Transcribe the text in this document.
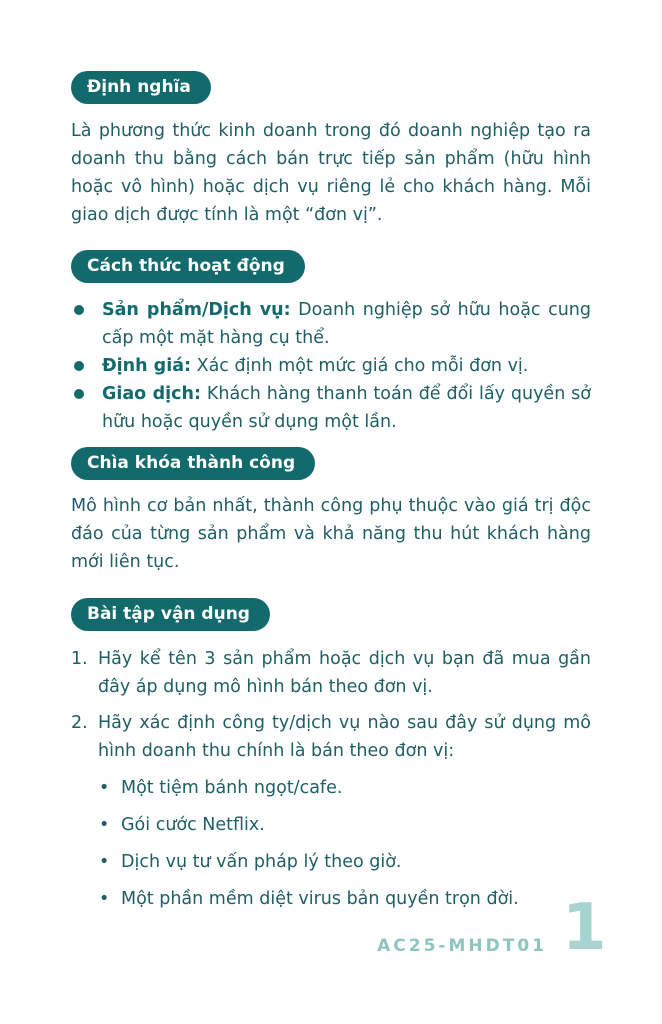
Định nghĩa

Là phương thức kinh doanh trong đó doanh nghiệp tạo ra doanh thu bằng cách bán trực tiếp sản phẩm (hữu hình hoặc vô hình) hoặc dịch vụ riêng lẻ cho khách hàng. Mỗi giao dịch được tính là một “đơn vị”.

Cách thức hoạt động
Sản phẩm/Dịch vụ: Doanh nghiệp sở hữu hoặc cung cấp một mặt hàng cụ thể.
Định giá: Xác định một mức giá cho mỗi đơn vị.
Giao dịch: Khách hàng thanh toán để đổi lấy quyền sở hữu hoặc quyền sử dụng một lần.
Chìa khóa thành công

Mô hình cơ bản nhất, thành công phụ thuộc vào giá trị độc đáo của từng sản phẩm và khả năng thu hút khách hàng mới liên tục.

Bài tập vận dụng
1. Hãy kể tên 3 sản phẩm hoặc dịch vụ bạn đã mua gần đây áp dụng mô hình bán theo đơn vị.
2. Hãy xác định công ty/dịch vụ nào sau đây sử dụng mô hình doanh thu chính là bán theo đơn vị:
• Một tiệm bánh ngọt/cafe.
• Gói cước Netflix.
• Dịch vụ tư vấn pháp lý theo giờ.
• Một phần mềm diệt virus bản quyền trọn đời.
AC25-MHDT01 1
